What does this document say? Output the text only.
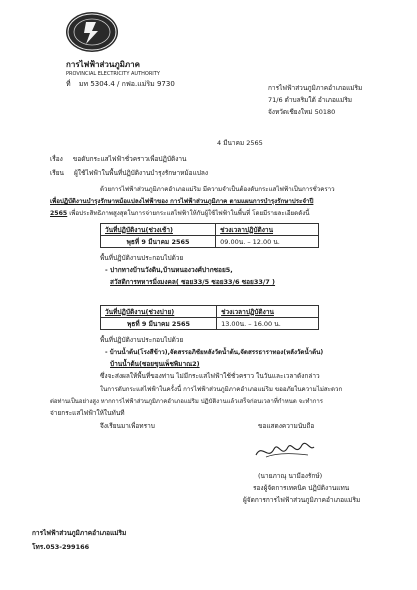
การไฟฟ้าส่วนภูมิภาค
PROVINCIAL ELECTRICITY AUTHORITY
ที่ มท 5304.4 / กฟอ.แม่ริม 9730	การไฟฟ้าส่วนภูมิภาคอำเภอแม่ริม
71/6 ตำบลริมใต้ อำเภอแม่ริม
จังหวัดเชียงใหม่ 50180
4 มีนาคม 2565
เรื่อง ขอดับกระแสไฟฟ้าชั่วคราวเพื่อปฏิบัติงาน
เรียน ผู้ใช้ไฟฟ้าในพื้นที่ปฏิบัติงานบำรุงรักษาหม้อแปลง
ด้วยการไฟฟ้าส่วนภูมิภาคอำเภอแม่ริม มีความจำเป็นต้องดับกระแสไฟฟ้าเป็นการชั่วคราว
เพื่อปฏิบัติงานบำรุงรักษาหม้อแปลงไฟฟ้าของ การไฟฟ้าส่วนภูมิภาค ตามแผนการบำรุงรักษาประจำปี
2565 เพื่อประสิทธิภาพสูงสุดในการจ่ายกระแสไฟฟ้าให้กับผู้ใช้ไฟฟ้าในพื้นที่ โดยมีรายละเอียดดังนี้
วันที่ปฏิบัติงาน(ช่วงเช้า)	ช่วงเวลาปฏิบัติงาน
พุธที่ 9 มีนาคม 2565	09.00น. – 12.00 น.
พื้นที่ปฏิบัติงานประกอบไปด้วย
- ปากทางบ้านวังดิน,บ้านหนองวงศ์ปากซอย5,
สวัสดิการทหารมิ่งมงคล( ซอย33/5 ซอย33/6 ซอย33/7 )
วันที่ปฏิบัติงาน(ช่วงบ่าย)	ช่วงเวลาปฏิบัติงาน
พุธที่ 9 มีนาคม 2565	13.00น. – 16.00 น.
พื้นที่ปฏิบัติงานประกอบไปด้วย
- บ้านน้ำต้น(โรงสีข้าว),จัดสรรอภิชัยหลังวัดน้ำต้น,จัดสรรธาราทอง(หลังวัดน้ำต้น)
บ้านน้ำต้น(ซอยขุนเพ็ชพิมาณ2)
ซึ่งจะส่งผลให้พื้นที่ของท่าน ไม่มีกระแสไฟฟ้าใช้ชั่วคราว ในวันและเวลาดังกล่าว
ในการดับกระแสไฟฟ้าในครั้งนี้ การไฟฟ้าส่วนภูมิภาคอำเภอแม่ริม ขออภัยในความไม่สะดวก
ต่อท่านเป็นอย่างสูง หากการไฟฟ้าส่วนภูมิภาคอำเภอแม่ริม ปฏิบัติงานแล้วเสร็จก่อนเวลาที่กำหนด จะทำการ
จ่ายกระแสไฟฟ้าให้ในทันที
จึงเรียนมาเพื่อทราบ	ขอแสดงความนับถือ
(นายภาณุ นามีองรักษ์)
รองผู้จัดการเทคนิค ปฏิบัติงานแทน
ผู้จัดการการไฟฟ้าส่วนภูมิภาคอำเภอแม่ริม
การไฟฟ้าส่วนภูมิภาคอำเภอแม่ริม
โทร.053-299166
